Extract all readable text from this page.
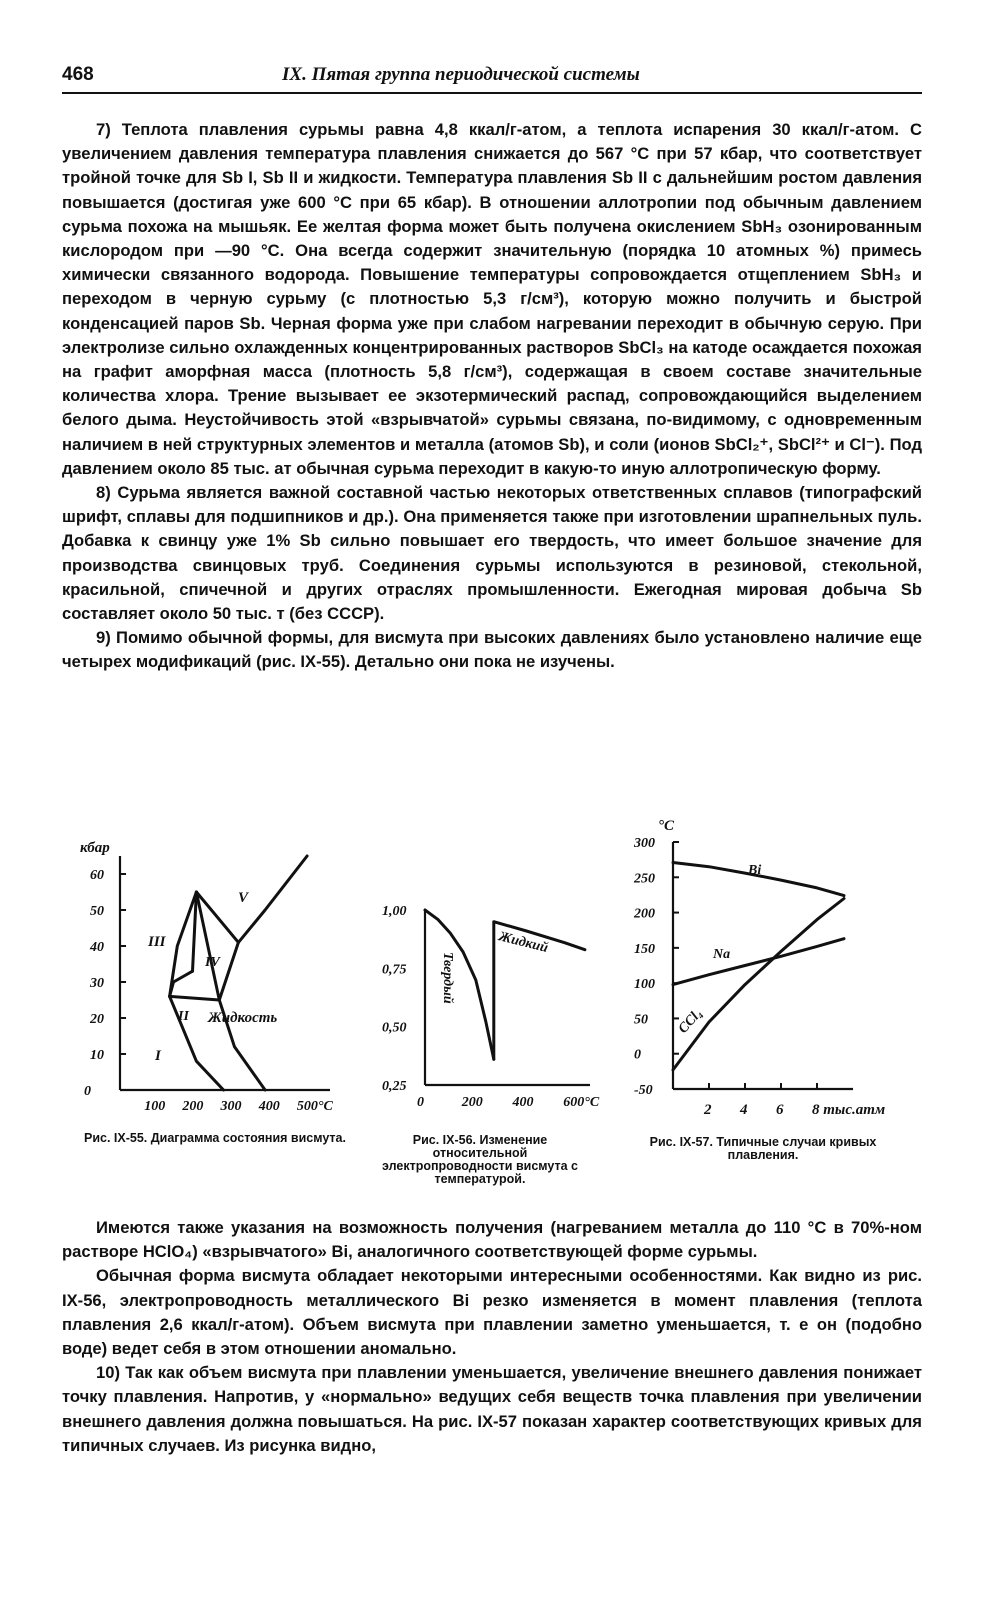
468	IX. Пятая группа периодической системы

7) Теплота плавления сурьмы равна 4,8 ккал/г-атом, а теплота испарения 30 ккал/г-атом. С увеличением давления температура плавления снижается до 567 °С при 57 кбар, что соответствует тройной точке для Sb I, Sb II и жидкости. Температура плавления Sb II с дальнейшим ростом давления повышается (достигая уже 600 °С при 65 кбар). В отношении аллотропии под обычным давлением сурьма похожа на мышьяк. Ее желтая форма может быть получена окислением SbH₃ озонированным кислородом при —90 °С. Она всегда содержит значительную (порядка 10 атомных %) примесь химически связанного водорода. Повышение температуры сопровождается отщеплением SbH₃ и переходом в черную сурьму (с плотностью 5,3 г/см³), которую можно получить и быстрой конденсацией паров Sb. Черная форма уже при слабом нагревании переходит в обычную серую. При электролизе сильно охлажденных концентрированных растворов SbCl₃ на катоде осаждается похожая на графит аморфная масса (плотность 5,8 г/см³), содержащая в своем составе значительные количества хлора. Трение вызывает ее экзотермический распад, сопровождающийся выделением белого дыма. Неустойчивость этой «взрывчатой» сурьмы связана, по-видимому, с одновременным наличием в ней структурных элементов и металла (атомов Sb), и соли (ионов SbCl₂⁺, SbCl²⁺ и Cl⁻). Под давлением около 85 тыс. ат обычная сурьма переходит в какую-то иную аллотропическую форму.

8) Сурьма является важной составной частью некоторых ответственных сплавов (типографский шрифт, сплавы для подшипников и др.). Она применяется также при изготовлении шрапнельных пуль. Добавка к свинцу уже 1% Sb сильно повышает его твердость, что имеет большое значение для производства свинцовых труб. Соединения сурьмы используются в резиновой, стекольной, красильной, спичечной и других отраслях промышленности. Ежегодная мировая добыча Sb составляет около 50 тыс. т (без СССР).

9) Помимо обычной формы, для висмута при высоких давлениях было установлено наличие еще четырех модификаций (рис. IX-55). Детально они пока не изучены.

кбар
60
50
40
30
20
10
0
100 200 300 400 500°C
III
V
IV
II
I
Жидкость
Рис. IX-55. Диаграмма состояния висмута.
1,00
0,75
0,50
0,25
0	200 400 600°C
Твердый
Жидкий
Рис. IX-56. Изменение относительной электропроводности висмута с температурой.
°C
300
250
200
150
100
50
0
-50
2 4 6 8 тыс.атм
Bi
Na
CCl₄
Рис. IX-57. Типичные случаи кривых плавления.

Имеются также указания на возможность получения (нагреванием металла до 110 °С в 70%-ном растворе HClO₄) «взрывчатого» Bi, аналогичного соответствующей форме сурьмы.

Обычная форма висмута обладает некоторыми интересными особенностями. Как видно из рис. IX-56, электропроводность металлического Bi резко изменяется в момент плавления (теплота плавления 2,6 ккал/г-атом). Объем висмута при плавлении заметно уменьшается, т. е он (подобно воде) ведет себя в этом отношении аномально.

10) Так как объем висмута при плавлении уменьшается, увеличение внешнего давления понижает точку плавления. Напротив, у «нормально» ведущих себя веществ точка плавления при увеличении внешнего давления должна повышаться. На рис. IX-57 показан характер соответствующих кривых для типичных случаев. Из рисунка видно,
